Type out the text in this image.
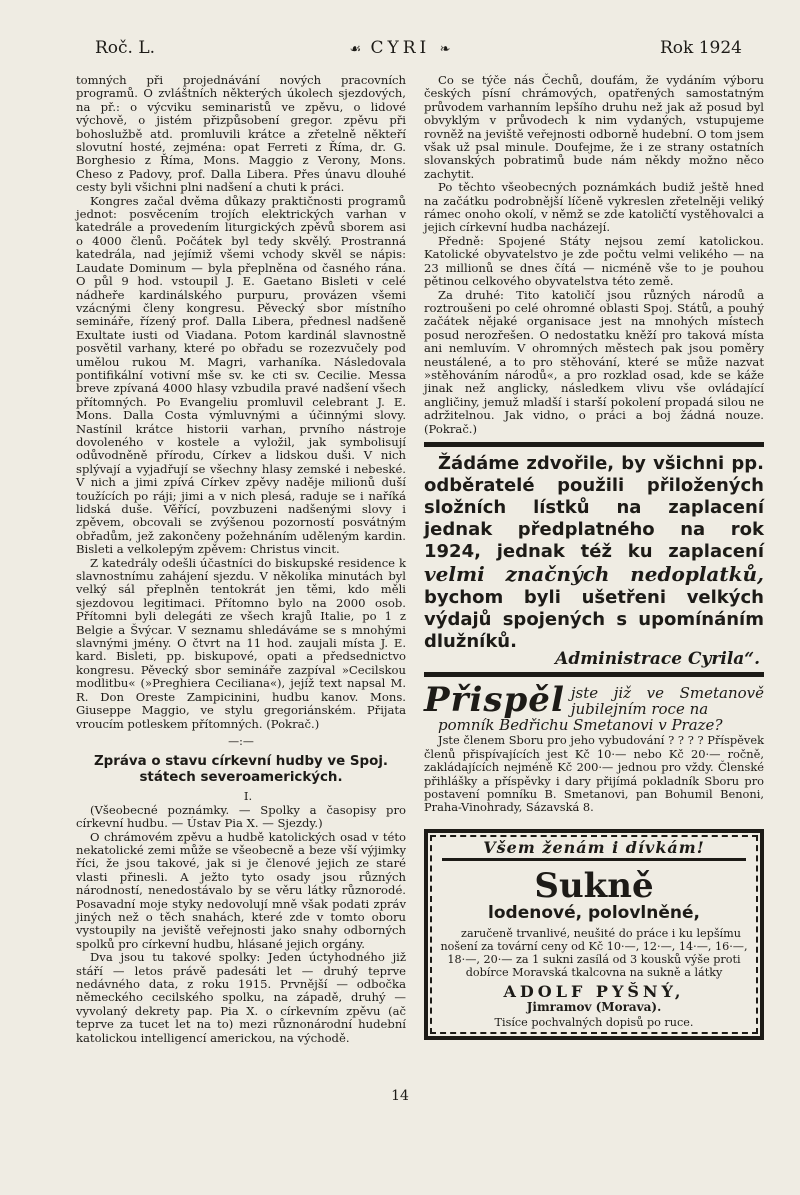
Roč. L.	☙ CYRI ❧	Rok 1924

tomných při projednávání nových pracovních programů. O zvláštních některých úkolech sjezdových, na př.: o výcviku seminaristů ve zpěvu, o lidové výchově, o jistém přizpůsobení gregor. zpěvu při bohoslužbě atd. promluvili krátce a zřetelně někteří slovutní hosté, zejména: opat Ferreti z Říma, dr. G. Borghesio z Říma, Mons. Maggio z Verony, Mons. Cheso z Padovy, prof. Dalla Libera. Přes únavu dlouhé cesty byli všichni plni nadšení a chuti k práci.

Kongres začal dvěma důkazy praktičnosti programů jednot: posvěcením trojích elektrických varhan v katedrále a provedením liturgických zpěvů sborem asi o 4000 členů. Počátek byl tedy skvělý. Prostranná katedrála, nad jejímiž všemi vchody skvěl se nápis: Laudate Dominum — byla přeplněna od časného rána. O půl 9 hod. vstoupil J. E. Gaetano Bisleti v celé nádheře kardinálského purpuru, provázen všemi vzácnými členy kongresu. Pěvecký sbor místního semináře, řízený prof. Dalla Libera, přednesl nadšeně Exultate iusti od Viadana. Potom kardinál slavnostně posvětil varhany, které po obřadu se rozezvučely pod umělou rukou M. Magri, varhaníka. Následovala pontifikální votivní mše sv. ke cti sv. Cecilie. Messa breve zpívaná 4000 hlasy vzbudila pravé nadšení všech přítomných. Po Evangeliu promluvil celebrant J. E. Mons. Dalla Costa výmluvnými a účinnými slovy. Nastínil krátce historii varhan, prvního nástroje dovoleného v kostele a vyložil, jak symbolisují odůvodněně přírodu, Církev a lidskou duši. V nich splývají a vyjadřují se všechny hlasy zemské i nebeské. V nich a jimi zpívá Církev zpěvy naděje milionů duší toužících po ráji; jimi a v nich plesá, raduje se i naříká lidská duše. Věřící, povzbuzeni nadšenými slovy i zpěvem, obcovali se zvýšenou pozorností posvátným obřadům, jež zakončeny požehnáním uděleným kardin. Bisleti a velkolepým zpěvem: Christus vincit.

Z katedrály odešli účastníci do biskupské residence k slavnostnímu zahájení sjezdu. V několika minutách byl velký sál přeplněn tentokrát jen těmi, kdo měli sjezdovou legitimaci. Přítomno bylo na 2000 osob. Přítomni byli delegáti ze všech krajů Italie, po 1 z Belgie a Švýcar. V seznamu shledáváme se s mnohými slavnými jmény. O čtvrt na 11 hod. zaujali místa J. E. kard. Bisleti, pp. biskupové, opati a předsednictvo kongresu. Pěvecký sbor semináře zazpíval »Cecilskou modlitbu« (»Preghiera Ceciliana«), jejíž text napsal M. R. Don Oreste Zampicinini, hudbu kanov. Mons. Giuseppe Maggio, ve stylu gregoriánském. Přijata vroucím potleskem přítomných. (Pokrač.)

—:—
Zpráva o stavu církevní hudby ve Spoj. státech severoamerických.

I.

(Všeobecné poznámky. — Spolky a časopisy pro církevní hudbu. — Ústav Pia X. — Sjezdy.)

O chrámovém zpěvu a hudbě katolických osad v této nekatolické zemi může se všeobecně a beze vší výjimky říci, že jsou takové, jak si je členové jejich ze staré vlasti přinesli. A ježto tyto osady jsou různých národností, nenedostávalo by se věru látky různorodé. Posavadní moje styky nedovolují mně však podati zpráv jiných než o těch snahách, které zde v tomto oboru vystoupily na jeviště veřejnosti jako snahy odborných spolků pro církevní hudbu, hlásané jejich orgány.

Dva jsou tu takové spolky: Jeden úctyhodného již stáří — letos právě padesáti let — druhý teprve nedávného data, z roku 1915. Prvnější — odbočka německého cecilského spolku, na západě, druhý — vyvolaný dekrety pap. Pia X. o církevním zpěvu (ač teprve za tucet let na to) mezi různonárodní hudební katolickou intelligencí americkou, na východě.

Co se týče nás Čechů, doufám, že vydáním výboru českých písní chrámových, opatřených samostatným průvodem varhanním lepšího druhu než jak až posud byl obvyklým v průvodech k nim vydaných, vstupujeme rovněž na jeviště veřejnosti odborně hudební. O tom jsem však už psal minule. Doufejme, že i ze strany ostatních slovanských pobratimů bude nám někdy možno něco zachytit.

Po těchto všeobecných poznámkách budiž ještě hned na začátku podrobnější líčeně vykreslen zřetelněji veliký rámec onoho okolí, v němž se zde katoličtí vystěhovalci a jejich církevní hudba nacházejí.

Předně: Spojené Státy nejsou zemí katolickou. Katolické obyvatelstvo je zde počtu velmi velikého — na 23 millionů se dnes čítá — nicméně vše to je pouhou pětinou celkového obyvatelstva této země.

Za druhé: Tito katoličí jsou různých národů a roztroušeni po celé ohromné oblasti Spoj. Států, a pouhý začátek nějaké organisace jest na mnohých místech posud nerozřešen. O nedostatku kněží pro taková místa ani nemluvím. V ohromných městech pak jsou poměry neustálené, a to pro stěhování, které se může nazvat »stěhováním národů«, a pro rozklad osad, kde se káže jinak než anglicky, následkem vlivu vše ovládající angličiny, jemuž mladší i starší pokolení propadá silou ne adržitelnou. Jak vidno, o práci a boj žádná nouze. (Pokrač.)

Žádáme zdvořile, by všichni pp. odběratelé použili přiložených složních lístků na zaplacení jednak předplatného na rok 1924, jednak též ku zaplacení velmi značných nedoplatků, bychom byli ušetřeni velkých výdajů spojených s upomínáním dlužníků.

Administrace Cyrila“.
Přispěl jste již ve Smetanově jubilejním roce na

pomník Bedřichu Smetanovi v Praze?

Jste členem Sboru pro jeho vybudování ? ? ? ? Příspěvek členů přispívajících jest Kč 10·— nebo Kč 20·— ročně, zakládajících nejméně Kč 200·— jednou pro vždy. Členské přihlášky a příspěvky i dary přijímá pokladník Sboru pro postavení pomníku B. Smetanovi, pan Bohumil Benoni, Praha-Vinohrady, Sázavská 8.

Všem ženám i dívkám!
Sukně
lodenové, polovlněné,

zaručeně trvanlivé, neušité do práce i ku lepšímu nošení za tovární ceny od Kč 10·—, 12·—, 14·—, 16·—, 18·—, 20·— za 1 sukni zasílá od 3 kousků výše proti dobírce Moravská tkalcovna na sukně a látky

ADOLF PYŠNÝ,
Jimramov (Morava).
Tisíce pochvalných dopisů po ruce.
14
